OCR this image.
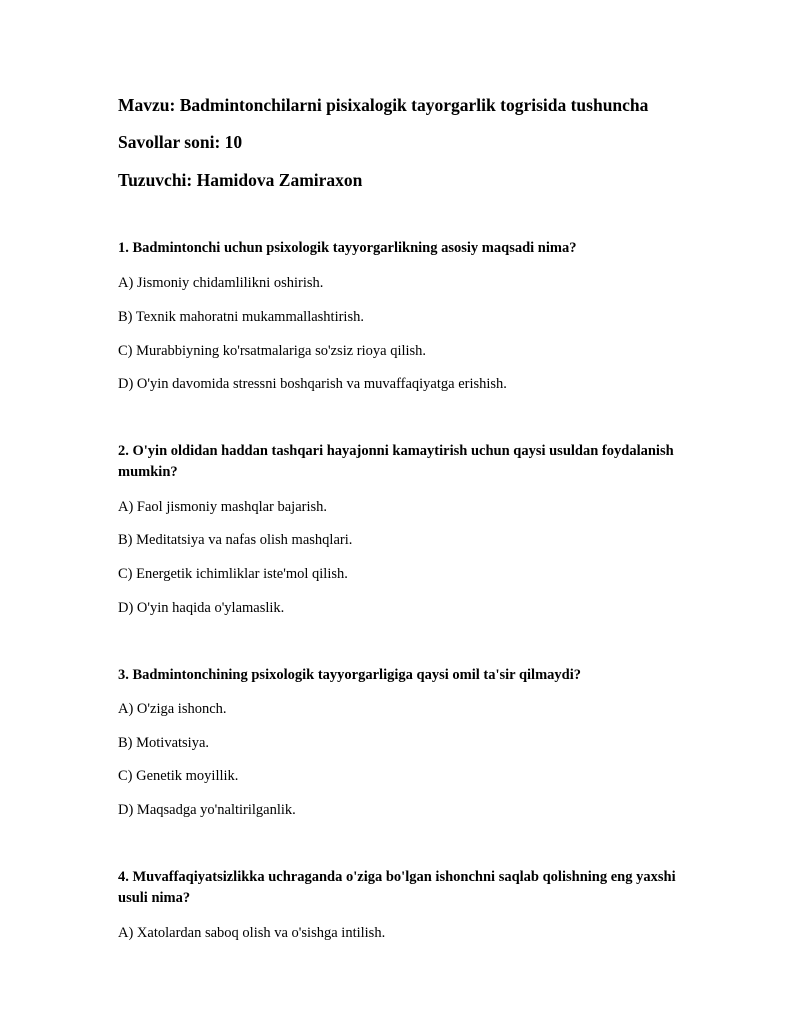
Mavzu: Badmintonchilarni pisixalogik tayorgarlik togrisida tushuncha
Savollar soni: 10
Tuzuvchi: Hamidova Zamiraxon
1. Badmintonchi uchun psixologik tayyorgarlikning asosiy maqsadi nima?
A) Jismoniy chidamlilikni oshirish.
B) Texnik mahoratni mukammallashtirish.
C) Murabbiyning ko'rsatmalariga so'zsiz rioya qilish.
D) O'yin davomida stressni boshqarish va muvaffaqiyatga erishish.
2. O'yin oldidan haddan tashqari hayajonni kamaytirish uchun qaysi usuldan foydalanish mumkin?
A) Faol jismoniy mashqlar bajarish.
B) Meditatsiya va nafas olish mashqlari.
C) Energetik ichimliklar iste'mol qilish.
D) O'yin haqida o'ylamaslik.
3. Badmintonchining psixologik tayyorgarligiga qaysi omil ta'sir qilmaydi?
A) O'ziga ishonch.
B) Motivatsiya.
C) Genetik moyillik.
D) Maqsadga yo'naltirilganlik.
4. Muvaffaqiyatsizlikka uchraganda o'ziga bo'lgan ishonchni saqlab qolishning eng yaxshi usuli nima?
A) Xatolardan saboq olish va o'sishga intilish.
